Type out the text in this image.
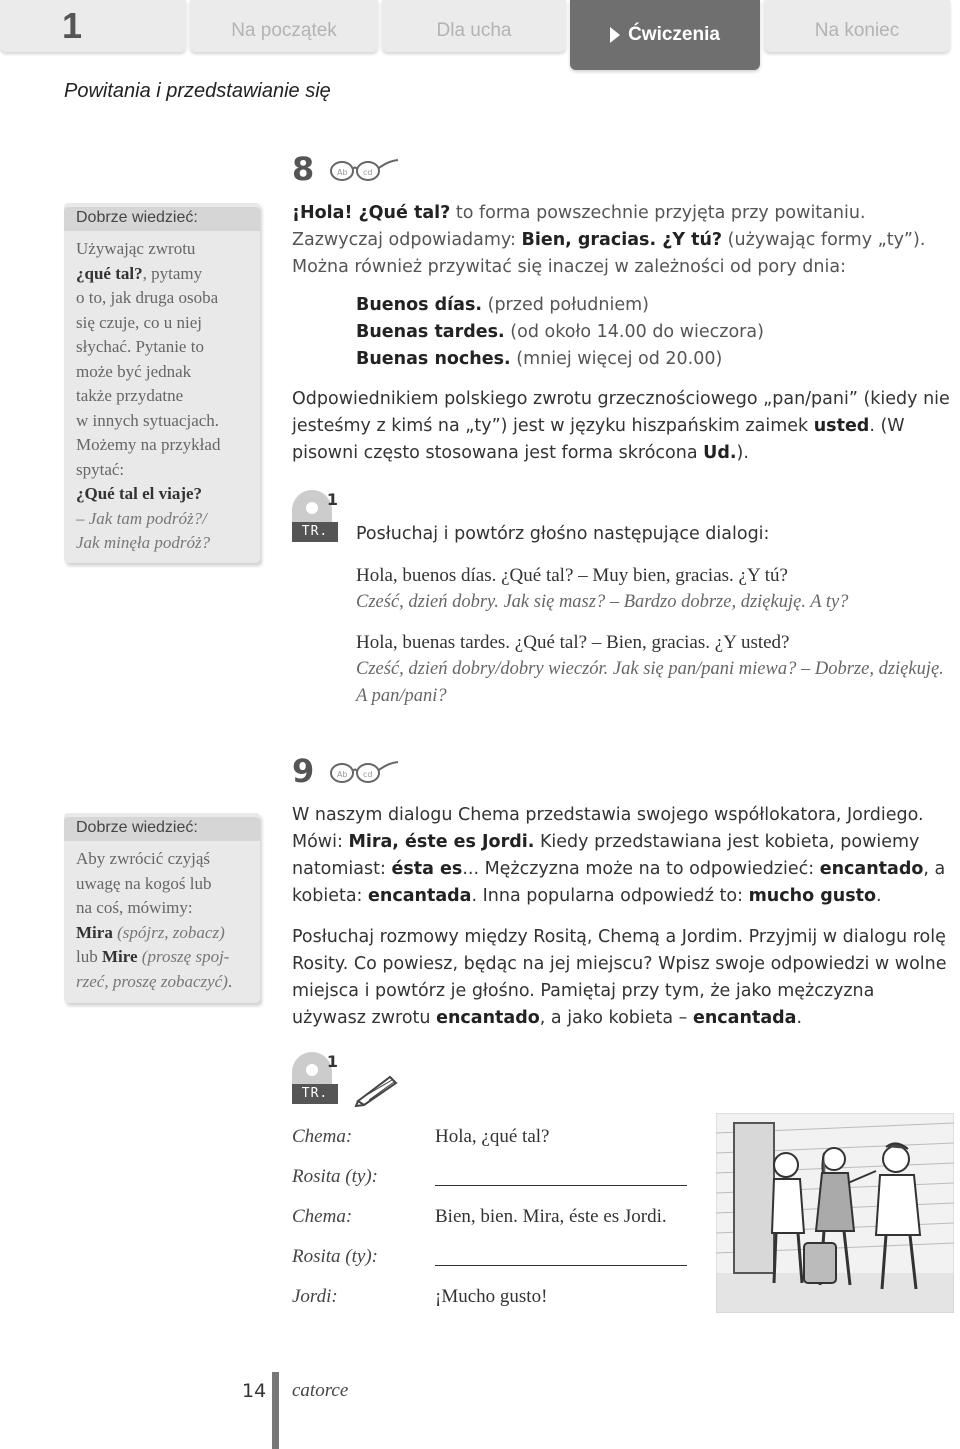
1	Na początek	Dla ucha	Ćwiczenia	Na koniec
Powitania i przedstawianie się
Dobrze wiedzieć:
Używając zwrotu
¿qué tal?, pytamy
o to, jak druga osoba
się czuje, co u niej
słychać. Pytanie to
może być jednak
także przydatne
w innych sytuacjach.
Możemy na przykład
spytać:
¿Qué tal el viaje?
– Jak tam podróż?/
Jak minęła podróż?
8	Ab cd
¡Hola! ¿Qué tal? to forma powszechnie przyjęta przy powitaniu. Zazwyczaj odpowiadamy: Bien, gracias. ¿Y tú? (używając formy „ty”). Można również przywitać się inaczej w zależności od pory dnia:
Buenos días. (przed południem)
Buenas tardes. (od około 14.00 do wieczora)
Buenas noches. (mniej więcej od 20.00)
Odpowiednikiem polskiego zwrotu grzecznościowego „pan/pani” (kiedy nie jesteśmy z kimś na „ty”) jest w języku hiszpańskim zaimek usted. (W pisowni często stosowana jest forma skrócona Ud.).
1
TR. 06
Posłuchaj i powtórz głośno następujące dialogi:
Hola, buenos días. ¿Qué tal? – Muy bien, gracias. ¿Y tú?
Cześć, dzień dobry. Jak się masz? – Bardzo dobrze, dziękuję. A ty?
Hola, buenas tardes. ¿Qué tal? – Bien, gracias. ¿Y usted?
Cześć, dzień dobry/dobry wieczór. Jak się pan/pani miewa? – Dobrze, dziękuję. A pan/pani?
9	Ab cd
Dobrze wiedzieć:
Aby zwrócić czyjąś
uwagę na kogoś lub
na coś, mówimy:
Mira (spójrz, zobacz)
lub Mire (proszę spoj-
rzeć, proszę zobaczyć).
W naszym dialogu Chema przedstawia swojego współlokatora, Jordiego. Mówi: Mira, éste es Jordi. Kiedy przedstawiana jest kobieta, powiemy natomiast: ésta es... Mężczyzna może na to odpowiedzieć: encantado, a kobieta: encantada. Inna popularna odpowiedź to: mucho gusto.
Posłuchaj rozmowy między Rositą, Chemą a Jordim. Przyjmij w dialogu rolę Rosity. Co powiesz, będąc na jej miejscu? Wpisz swoje odpowiedzi w wolne miejsca i powtórz je głośno. Pamiętaj przy tym, że jako mężczyzna używasz zwrotu encantado, a jako kobieta – encantada.
1
TR. 07
Chema:	Hola, ¿qué tal?
Rosita (ty):
Chema:	Bien, bien. Mira, éste es Jordi.
Rosita (ty):
Jordi:	¡Mucho gusto!
14 catorce
